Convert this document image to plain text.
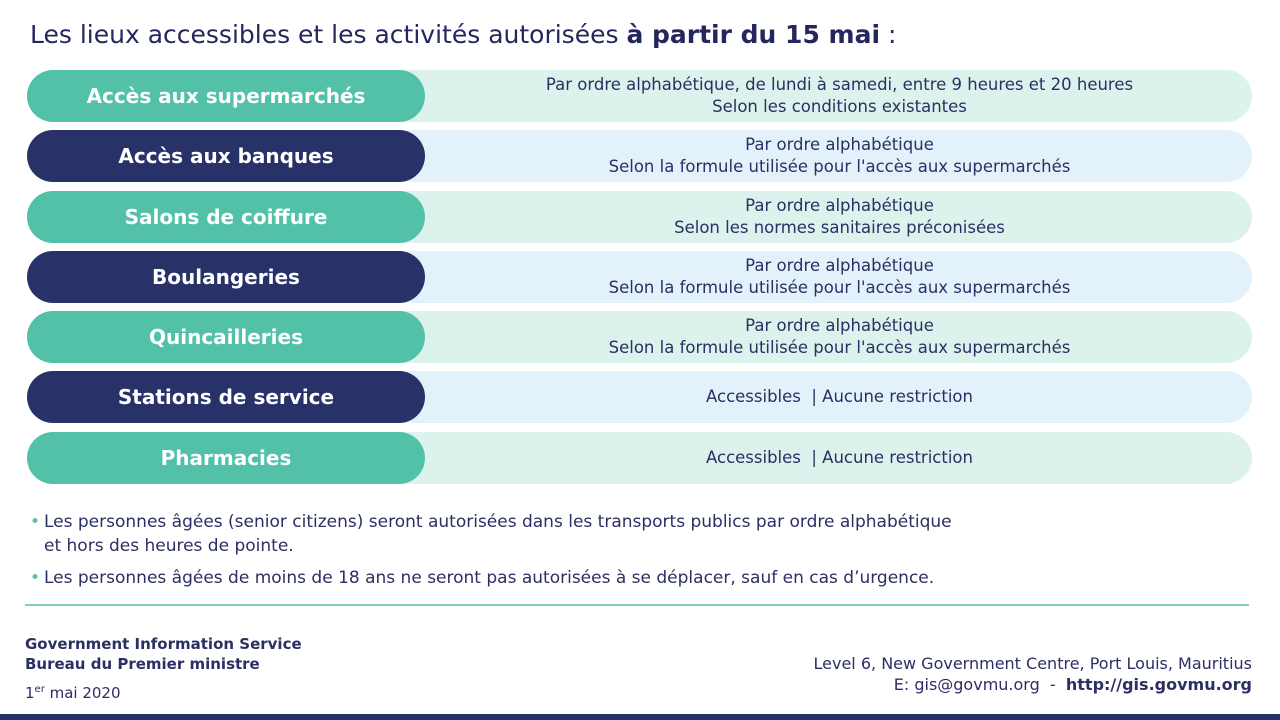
Les lieux accessibles et les activités autorisées à partir du 15 mai :
Par ordre alphabétique, de lundi à samedi, entre 9 heures et 20 heures
Selon les conditions existantes
Accès aux supermarchés
Par ordre alphabétique
Selon la formule utilisée pour l'accès aux supermarchés
Accès aux banques
Par ordre alphabétique
Selon les normes sanitaires préconisées
Salons de coiffure
Par ordre alphabétique
Selon la formule utilisée pour l'accès aux supermarchés
Boulangeries
Par ordre alphabétique
Selon la formule utilisée pour l'accès aux supermarchés
Quincailleries
Accessibles  | Aucune restriction
Stations de service
Accessibles  | Aucune restriction
Pharmacies
• Les personnes âgées (senior citizens) seront autorisées dans les transports publics par ordre alphabétique
et hors des heures de pointe.
• Les personnes âgées de moins de 18 ans ne seront pas autorisées à se déplacer, sauf en cas d’urgence.
Government Information Service
Bureau du Premier ministre
1er mai 2020
Level 6, New Government Centre, Port Louis, Mauritius
E: gis@govmu.org  -  http://gis.govmu.org
